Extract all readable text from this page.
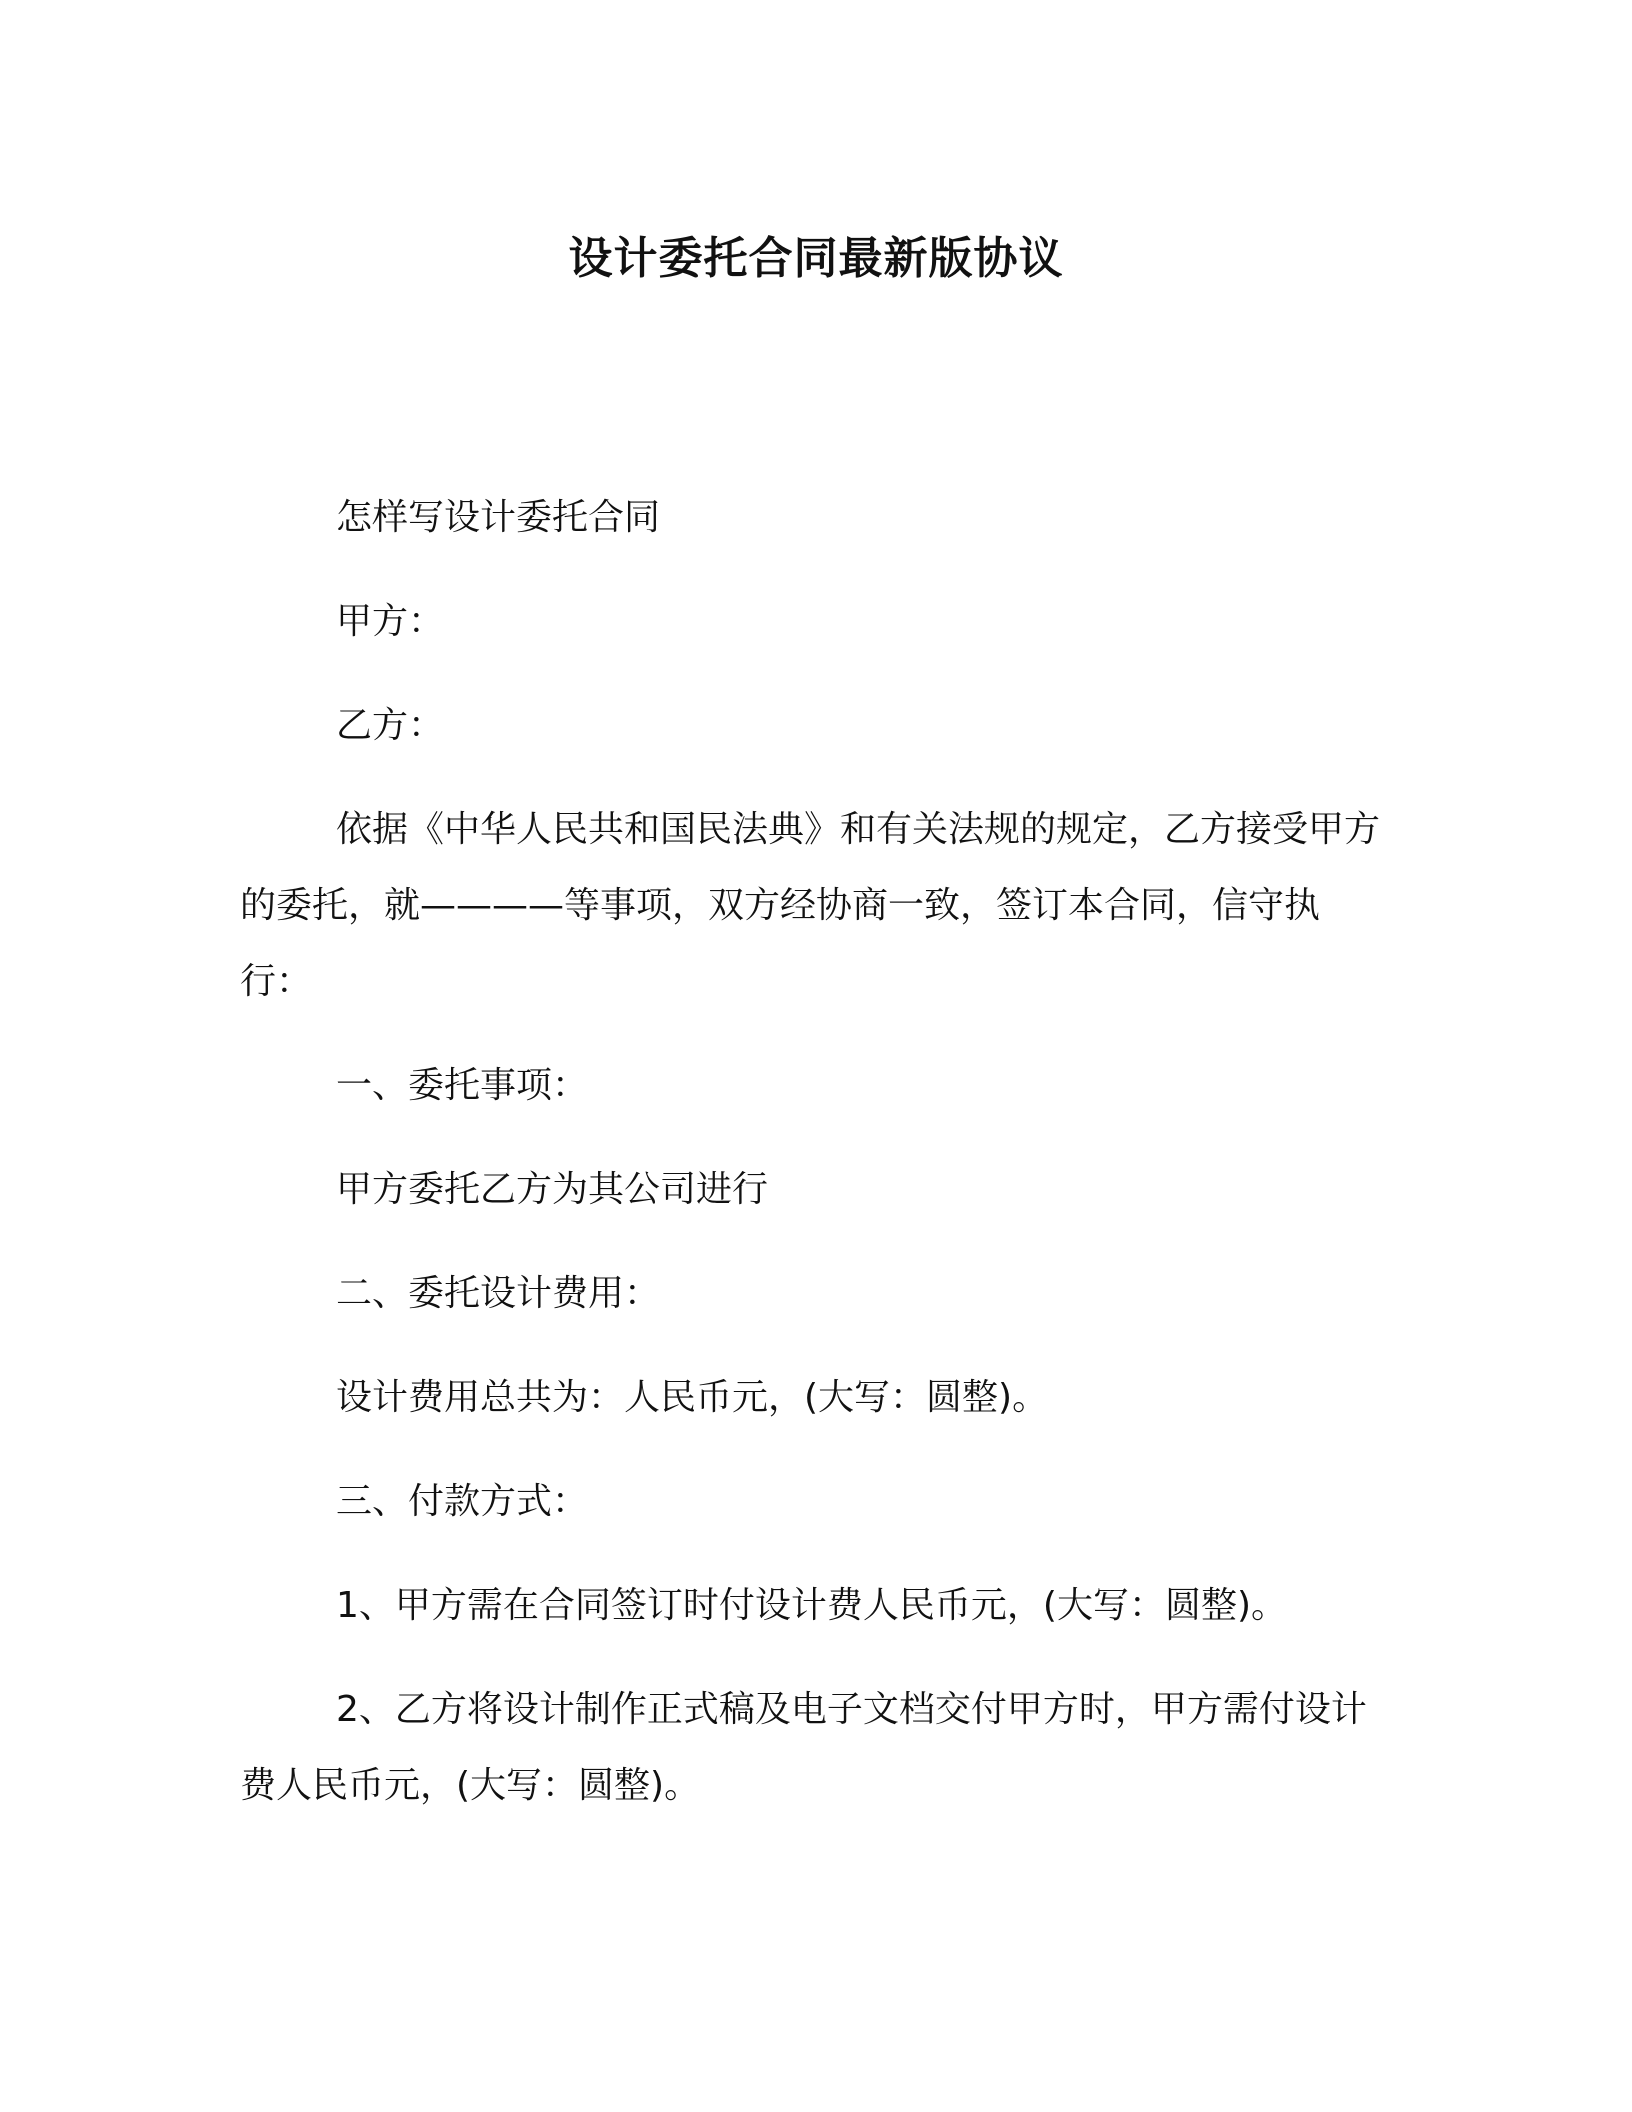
设计委托合同最新版协议

怎样写设计委托合同

甲方：

乙方：

依据《中华人民共和国民法典》和有关法规的规定，乙方接受甲方的委托，就————等事项，双方经协商一致，签订本合同，信守执行：

一、委托事项：

甲方委托乙方为其公司进行

二、委托设计费用：

设计费用总共为：人民币元，(大写：圆整)。

三、付款方式：

1、甲方需在合同签订时付设计费人民币元，(大写：圆整)。

2、乙方将设计制作正式稿及电子文档交付甲方时，甲方需付设计费人民币元，(大写：圆整)。
